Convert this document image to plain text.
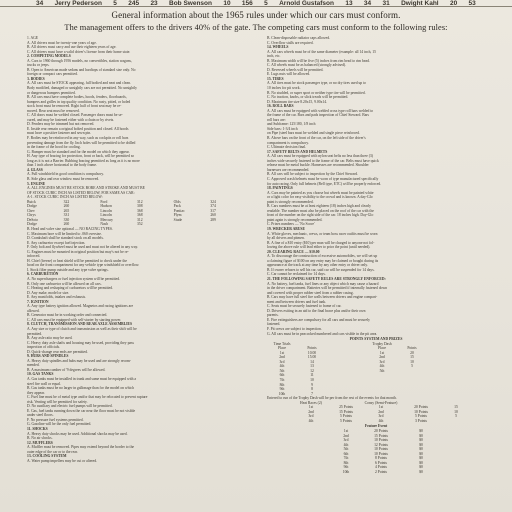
34 Jerry Pederson 5 245 23 Bob Swenson 10 156 5 Arnold Gustafson 13 34 31 Dwight Kahl 20 53
General information about the 1965 rules under which our cars must conform.
The management offers to the drivers 40% of the gate. The competing cars must conform to the following rules:
1. AGE
A. All drivers must be twenty-one years of age.
B. All drivers must carry and use their eighteen years of age.
C. All drivers must have a valid driver's license from their home state.
2. COMPETING MODELS
A. Cars to 1960 through 1956 models, no convertibles, station wagons,
trucks or jeeps.
B. Open to American made sedans and hardtops of standard size only. No
foreign or compact cars permitted.
3. BODIES
A. All cars must be STOCK appearing, full bodied and neat and clean.
Body modified, damaged or unsightly cars are not permitted. No unsightly
or dangerous bumpers permitted.
B. All cars must have complete bodies, hoods, fenders, floorboards,
bumpers and grilles in top quality condition. No rusty, pitted, or holed
stock front must be removed. Right half of front seat may be re-
moved. Rear seat must be removed.
C. All doors must be welded closed. Passenger doors must be se-
cured, and may be fastened either with a chain or by rivets.
D. Fenders may be trimmed but not removed.
E. Inside rear remain a original bolted position and closed. All hoods
must have a positive fastener and sewn pin.
F. Bodies may be reinforced in any way, such as cockpits or roll bars
preventing damage from the fly. Inch holes will be permitted to be drilled
in the frame of the hood for cooling.
G. Bumper must be standard and for the model on which they appear.
H. Any type of bracing for protection, front or back, will be permitted so
long as it is not a Barrier. Rubbing bracing permitted as long as it is no more
than 1 inch above horizontal to the body frame.
4. GLASS
A. Full windshield in good condition is compulsory.
B. Side glass and rear window must be removed.
5. ENGINE
A. ALL ENGINES MUST BE STOCK BORE AND STROKE AND MUST BE
OF STOCK CUBIC INCH AS LISTED BELOW, FOR SAME AS CAR:
A-1. STOCK CUBIC INCH AS LISTED BELOW:
Buick	322	Ford	312	Olds	324
Dodge	260	Hudson	308	Pack	374
Chev	265	Lincoln	368	Pontiac	317
Chrys	331	Lincoln	368	Plym	260
DeSoto	330	Mercury	312	Stude	289
Dodge	260	Nash	352
B. Head and valve size optional — NO RACING TYPES.
C. Maximum bore will be limited to .060 oversize.
D. Crankshaft shall be standard stock on all models.
E. Any carburetor except fuel injection.
F. Only bolt and flywheel must be used and must not be altered in any way.
G. Engines must be mounted in original position but may's not be re-
inforced.
H. Chief (freeze) or heat shield will be permitted to check under the
hood on the front compartment for any vehicle type windshield or overflow.
I. Stock filter pump outside and any type valve springs.
6. CARBURETION
A. No superchargers or fuel injection system will be permitted.
B. Only one carburetor will be allowed on all cars.
C. Heating and reshaping of carburetors will be permitted.
D. Any make, model or size.
E. Any manifolds, intakes and exhausts.
7. IGNITION
A. Any type battery ignition allowed. Magnetos and racing ignitions are
allowed.
B. Generator must be in working order and connected.
C. All cars must be equipped with self-starter by starting power.
8. CLUTCH, TRANSMISSION AND REAR AXLE ASSEMBLIES
A. Any size or type of clutch and transmission as well as their shift will be
permitted.
B. Any axle ratio may be used.
C. Heavy duty axle shafts and housing may be used, providing they pass
inspection of officials.
D. Quick-change rear ends are permitted.
9. HUBS AND SPINDLES
A. Heavy duty spindles and hubs may be used and are strongly recom-
mended.
B. A maximum camber of '9 degrees will be allowed.
10. GAS TANKS
A. Gas tanks must be installed in trunk and same must be equipped with a
steel fire wall or equal.
B. Gas tanks must be no larger in gallonage than for the model on which
they appear.
C. Fuel line must be of metal type and/or that may be relocated to prevent rupture
risk. Venting will be permitted for safety.
D. No auxiliary and electric fuel pumps will be permitted.
E. Gas, fuel tanks running down the car near the floor must be not visible
under steel floors.
F. No pressure fuel systems permitted.
G. Gasoline will be the only fuel permitted.
11. SHOCKS
A. Heavy duty shocks may be used. Additional shocks may be used.
B. No air shocks.
12. MUFFLERS
A. Muffler must be removed. Pipes may extend beyond the border to the
outer edge of the car or to the rear.
13. COOLING SYSTEM
A. Water pump impellers may be cut or altered.
B. Clean-disposable radiator caps allowed.
C. Overflow stalls are required.
14. WHEELS
A. All cars wheels must be of the same diameter (example: all 14 inch, 15
inch, etc.
B. Maximum width will be five (5) inches from rim bead to rim bead.
C. All wheels must be as balanced (strongly advised).
D. Reversed wheels will be permitted.
E. Lugs nuts will be allowed.
15. TIRES
A. All tires must be stock passenger type, or no dry tires used up to
10 inches for pit work.
B. No studded, or super sport or neither type tire will be permitted.
C. No traction, knobs, or slick treads will be permitted.
D. Maximum tire size 8.20x15, 9.00x14.
16. ROLL BARS
A. All cars must be equipped with welded cross type roll bars welded to
the frame of the car. Bars and pads inspection of Chief Steward. Bars
roll bars are:
and Subframe: 125/180, 1/8 inch
Side bars: 1-3/4 inch
on Pipe (steel bars must be welded and single piece reinforced.
B. Above bars on the front of the car, on the left side of the driver's
compartment is compulsory.
C. Ultimate decision final.
17. SAFETY BELTS AND HELMETS
A. All cars must be equipped with nylon seat belts no less than three (3)
inches wide securely fastened to the frame of the car. Belts must have quick
release must be metal buckle. Harnesses are recommended. Shoulder
harnesses are recommended.
B. All cars will be subject to inspection by the Chief Steward.
C. Approved crash helmets must be worn of type manufactured specifically
for auto racing. Only full helmets (Bell type, ETC) will be properly enforced.
18. PAINTINGS
A. Cars may be painted as you choose but wheels must be painted white
or a light color for easy visibility to the crowd and is known. A day-Glo
paint is strongly recommended.
B. Cars numbers must be at least eighteen (18) inches high and clearly
readable. The number must also be placed on the roof of the car with the
front of the number on the right side of the car. 18 inches high. Day-Glo
paint again is strongly recommended.
C. Prizes numbers — 'No Score'
19. WRECKER ABUSE
A. White gloves, mechanic, crews, or team boss racer outfits must be worn
by all drivers and pitmen.
B. A fine of a $10 entry ($10) per man will be charged to anyone not fol-
lowing the above rule will lead either to prior the point (until needed).
20. CLEARING RACE — $10.00
A. To discourage the construction of excessive automobiles, we will set up
a claiming figure of $100 on any entry may be claimed or bought during its
appearance at the track at any time by any other entry or driver only.
B. If owner refuses to sell his car, said car will be suspended for 14 days.
C. Car cannot be reclaimed for 14 days.
21. THE FOLLOWING SAFETY RULES ARE STRONGLY ENFORCED:
A. No battery, fuel tanks, fuel lines or any object which may cause a hazard
in the driver compartment. Batteries will be permitted if internally fastened down
and covered with proper rubber steel from a rubber casing.
B. Cars may have full steel fire walls between drivers and engine compart-
ment and between drivers and fuel tank.
C. Seats must be securely fastened to frame of car.
D. Drivers exiting in an aid to the final brace plus and/or their own
parents.
E. Fire extinguishers are compulsory for all cars and must be securely
fastened.
F. Pit crews are subject to inspection.
G. All cars must be in peacocked numbered and cars visible in the pit area.
POINTS SYSTEM AND PRIZES
Time Trials	Trophy Dash
Place	Points	Place	Points
1st	10.00	1st	20
2nd	15.00	2nd	15
3rd	14	3rd	10
4th	13	4th	5
5th	12	5th
6th	11
7th	10
8th	9
9th	8
10th	7
Entered to run of the Trophy Dash will be per from the rest of the events for that month.
Heat Races (2)	Consy (Semi-Feature)
1st	25 Points	1st	20 Points	15
2nd	15 Points	2nd	10 Points	10
3rd	5 Points	3rd	5 Points	5
4th	5 Points	4th	3 Points
Feature Event
1st	20 Points	$0
2nd	15 Points	$0
3rd	10 Points	$0
4th	12 Points	$0
5th	10 Points	$0
6th	10 Points	$0
7th	8 Points	$0
8th	6 Points	$0
9th	4 Points	$0
10th	2 Points	$0
